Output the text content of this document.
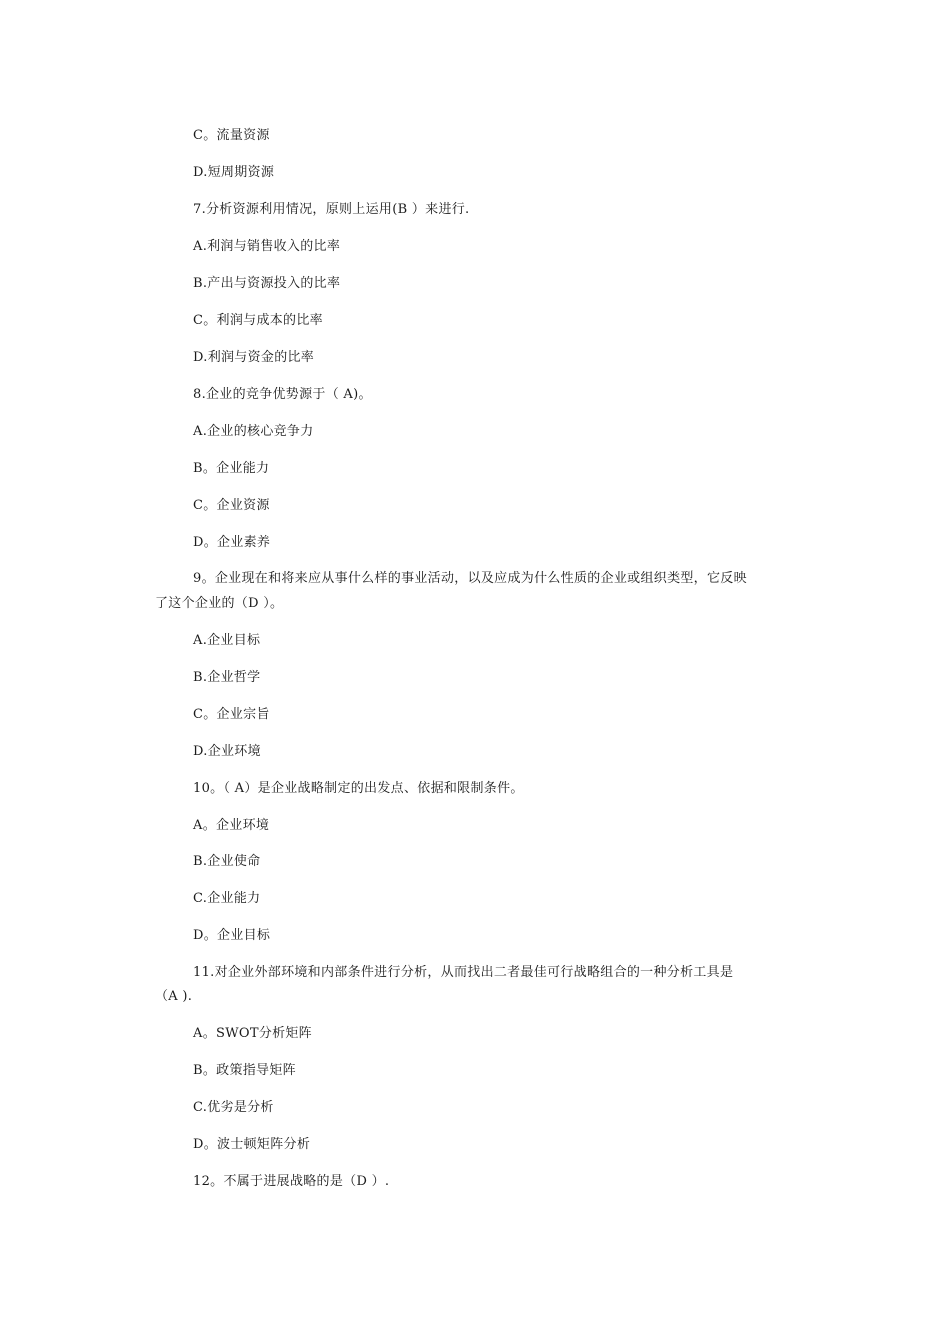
C。流量资源
D.短周期资源
7.分析资源利用情况，原则上运用(B ）来进行.
A.利润与销售收入的比率
B.产出与资源投入的比率
C。利润与成本的比率
D.利润与资金的比率
8.企业的竞争优势源于（ A)。
A.企业的核心竞争力
B。企业能力
C。企业资源
D。企业素养
9。企业现在和将来应从事什么样的事业活动，以及应成为什么性质的企业或组织类型，它反映
了这个企业的（D ）。
A.企业目标
B.企业哲学
C。企业宗旨
D.企业环境
10。（ A）是企业战略制定的出发点、依据和限制条件。
A。企业环境
B.企业使命
C.企业能力
D。企业目标
11.对企业外部环境和内部条件进行分析，从而找出二者最佳可行战略组合的一种分析工具是
（A ).
A。SWOT分析矩阵
B。政策指导矩阵
C.优劣是分析
D。波士顿矩阵分析
12。不属于进展战略的是（D ）.
